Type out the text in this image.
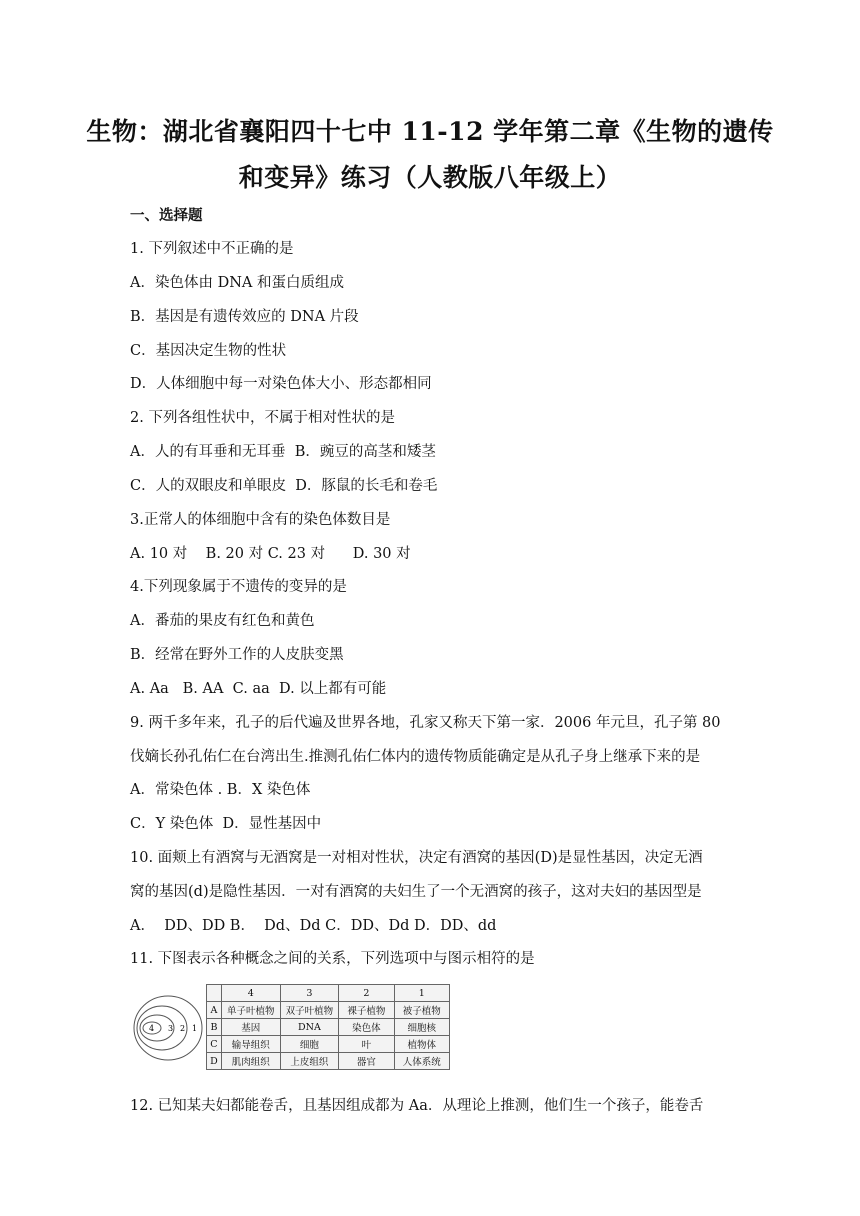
生物：湖北省襄阳四十七中 11-12 学年第二章《生物的遗传
和变异》练习（人教版八年级上）
一、选择题
1. 下列叙述中不正确的是
A．染色体由 DNA 和蛋白质组成
B．基因是有遗传效应的 DNA 片段
C．基因决定生物的性状
D．人体细胞中每一对染色体大小、形态都相同
2. 下列各组性状中，不属于相对性状的是
A．人的有耳垂和无耳垂  B．豌豆的高茎和矮茎
C．人的双眼皮和单眼皮  D．豚鼠的长毛和卷毛
3.正常人的体细胞中含有的染色体数目是
A. 10 对    B. 20 对 C. 23 对      D. 30 对
4.下列现象属于不遗传的变异的是
A．番茄的果皮有红色和黄色
B．经常在野外工作的人皮肤变黑
A. Aa   B. AA  C. aa  D. 以上都有可能
9. 两千多年来，孔子的后代遍及世界各地，孔家又称天下第一家．2006 年元旦，孔子第 80
伐嫡长孙孔佑仁在台湾出生.推测孔佑仁体内的遗传物质能确定是从孔子身上继承下来的是
A．常染色体 . B．X 染色体
C．Y 染色体  D．显性基因中
10. 面颊上有酒窝与无酒窝是一对相对性状，决定有酒窝的基因(D)是显性基因，决定无酒
窝的基因(d)是隐性基因．一对有酒窝的夫妇生了一个无酒窝的孩子，这对夫妇的基因型是
A．  DD、DD B．  Dd、Dd C．DD、Dd D．DD、dd
11. 下图表示各种概念之间的关系，下列选项中与图示相符的是
4 3 2 1
	4	3	2	1
A	单子叶植物	双子叶植物	裸子植物	被子植物
B	基因	DNA	染色体	细胞核
C	输导组织	细胞	叶	植物体
D	肌肉组织	上皮组织	器官	人体系统
12. 已知某夫妇都能卷舌，且基因组成都为 Aa．从理论上推测，他们生一个孩子，能卷舌
